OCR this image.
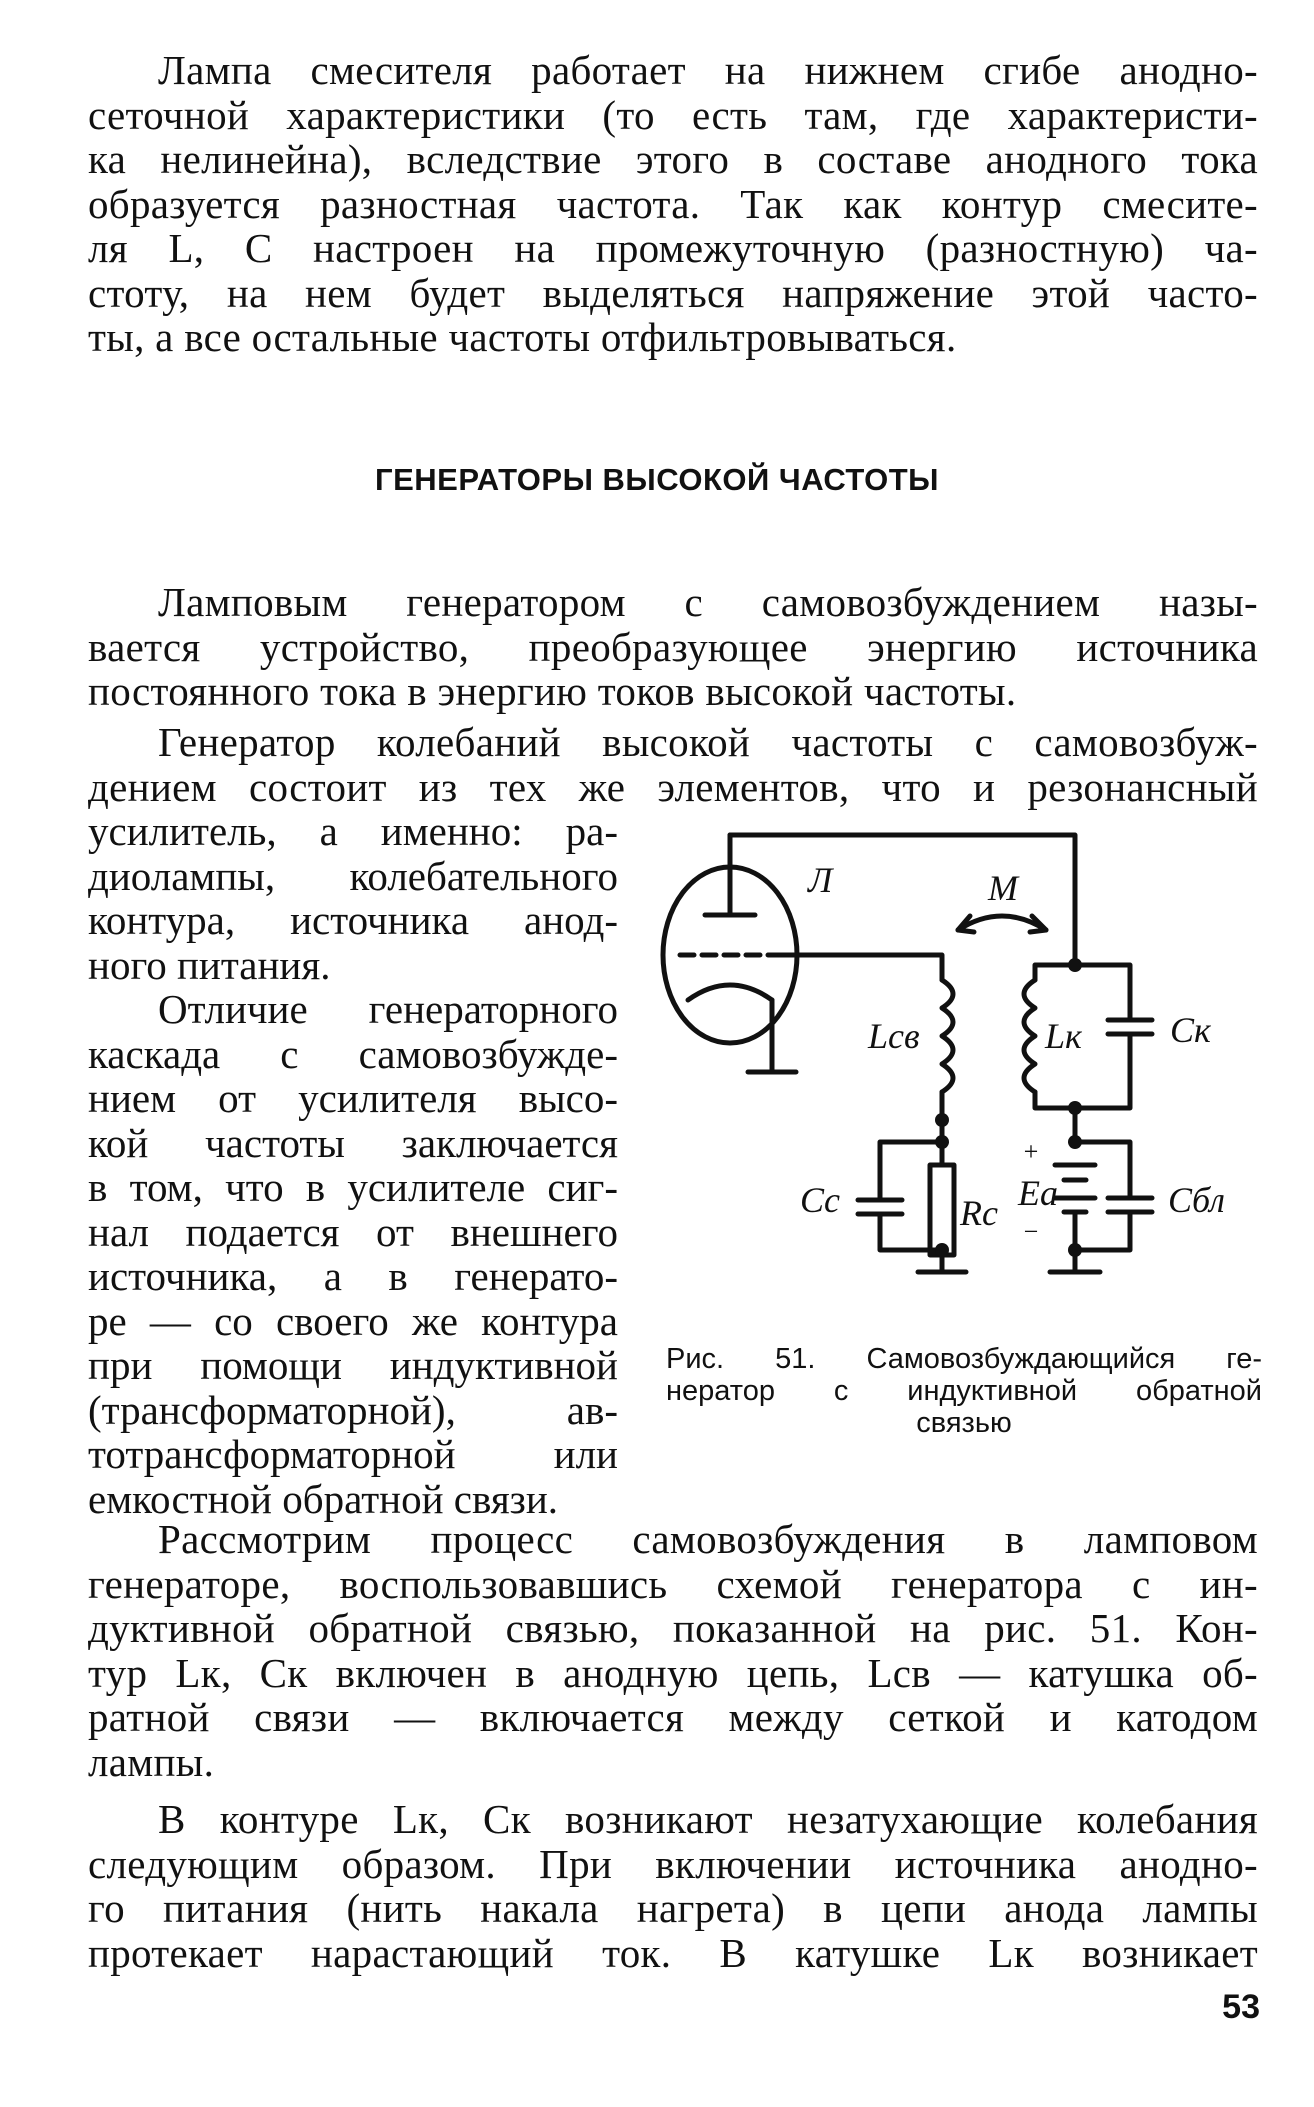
Лампа смесителя работает на нижнем сгибе анодно-
сеточной характеристики (то есть там, где характеристи-
ка нелинейна), вследствие этого в составе анодного тока
образуется разностная частота. Так как контур смесите-
ля L, C настроен на промежуточную (разностную) ча-
стоту, на нем будет выделяться напряжение этой часто-
ты, а все остальные частоты отфильтровываться.
ГЕНЕРАТОРЫ ВЫСОКОЙ ЧАСТОТЫ
Ламповым генератором с самовозбуждением назы-
вается устройство, преобразующее энергию источника
постоянного тока в энергию токов высокой частоты.
Генератор колебаний высокой частоты с самовозбуж-
дением состоит из тех же элементов, что и резонансный
усилитель, а именно: ра-
диолампы, колебательного
контура, источника анод-
ного питания.
Отличие генераторного
каскада с самовозбужде-
нием от усилителя высо-
кой частоты заключается
в том, что в усилителе сиг-
нал подается от внешнего
источника, а в генерато-
ре — со своего же контура
при помощи индуктивной
(трансформаторной), ав-
тотрансформаторной или
емкостной обратной связи.
Л	М
Lсв	Lк Cк
Cс	Rс
+
Eа
−
Cбл
Рис. 51. Самовозбуждающийся ге-
нератор с индуктивной обратной
связью
Рассмотрим процесс самовозбуждения в ламповом
генераторе, воспользовавшись схемой генератора с ин-
дуктивной обратной связью, показанной на рис. 51. Кон-
тур Lк, Cк включен в анодную цепь, Lсв — катушка об-
ратной связи — включается между сеткой и катодом
лампы.
В контуре Lк, Cк возникают незатухающие колебания
следующим образом. При включении источника анодно-
го питания (нить накала нагрета) в цепи анода лампы
протекает нарастающий ток. В катушке Lк возникает
53
